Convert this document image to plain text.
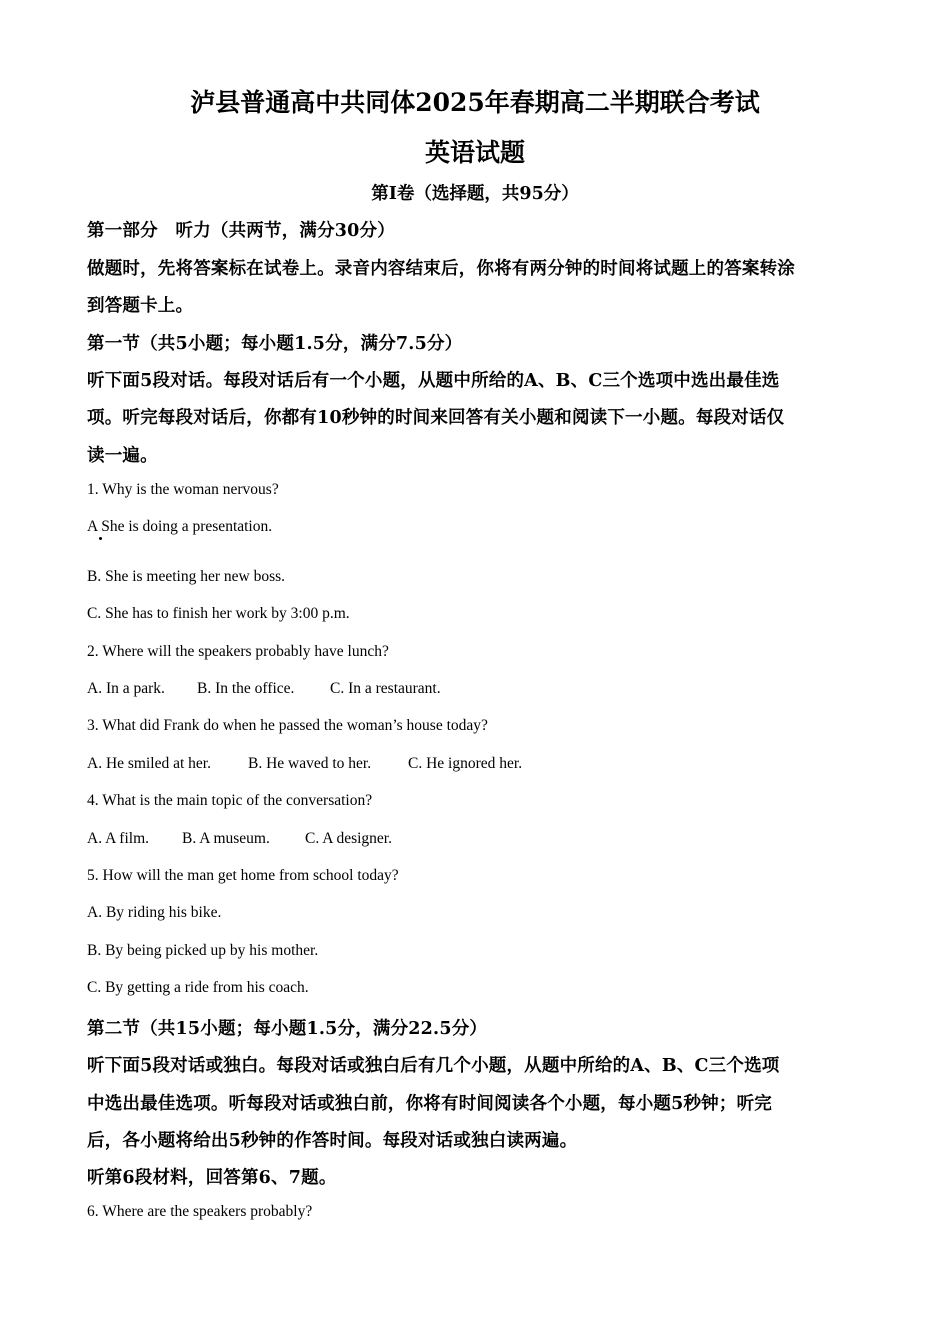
泸县普通高中共同体2025年春期高二半期联合考试
英语试题
第I卷（选择题，共95分）
第一部分　听力（共两节，满分30分）
做题时，先将答案标在试卷上。录音内容结束后，你将有两分钟的时间将试题上的答案转涂
到答题卡上。
第一节（共5小题；每小题1.5分，满分7.5分）
听下面5段对话。每段对话后有一个小题，从题中所给的A、B、C三个选项中选出最佳选
项。听完每段对话后，你都有10秒钟的时间来回答有关小题和阅读下一小题。每段对话仅
读一遍。
1. Why is the woman nervous?
A She is doing a presentation.
B. She is meeting her new boss.
C. She has to finish her work by 3:00 p.m.
2. Where will the speakers probably have lunch?
A. In a park. B. In the office. C. In a restaurant.
3. What did Frank do when he passed the woman’s house today?
A. He smiled at her. B. He waved to her. C. He ignored her.
4. What is the main topic of the conversation?
A. A film. B. A museum. C. A designer.
5. How will the man get home from school today?
A. By riding his bike.
B. By being picked up by his mother.
C. By getting a ride from his coach.
第二节（共15小题；每小题1.5分，满分22.5分）
听下面5段对话或独白。每段对话或独白后有几个小题，从题中所给的A、B、C三个选项
中选出最佳选项。听每段对话或独白前，你将有时间阅读各个小题，每小题5秒钟；听完
后，各小题将给出5秒钟的作答时间。每段对话或独白读两遍。
听第6段材料，回答第6、7题。
6. Where are the speakers probably?
